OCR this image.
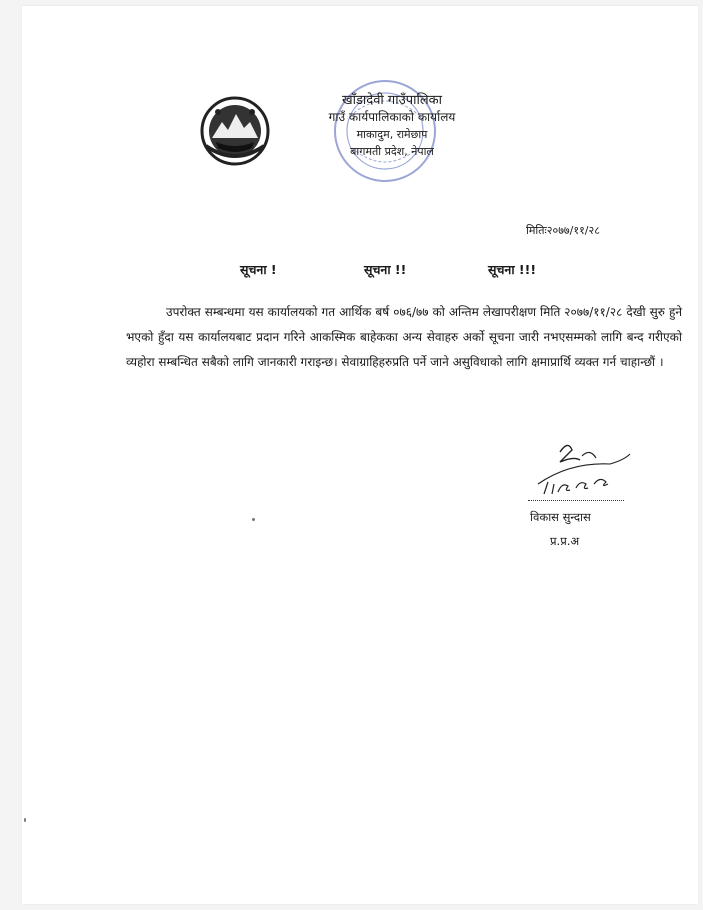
खाँडादेवी गाउँपालिका
गाउँ कार्यपालिकाको कार्यालय
माकादुम, रामेछाप
बागमती प्रदेश, नेपाल
मितिः२०७७/११/२८
सूचना !	सूचना !!	सूचना !!!
उपरोक्त सम्बन्धमा यस कार्यालयको गत आर्थिक बर्ष ०७६/७७ को अन्तिम लेखापरीक्षण मिति २०७७/११/२८ देखी सुरु हुने भएको हुँदा यस कार्यालयबाट प्रदान गरिने आकस्मिक बाहेकका अन्य सेवाहरु अर्को सूचना जारी नभएसम्मको लागि बन्द गरीएको व्यहोरा सम्बन्धित सबैको लागि जानकारी गराइन्छ। सेवाग्राहिहरुप्रति पर्ने जाने असुविधाको लागि क्षमाप्रार्थि व्यक्त गर्न चाहान्छौं ।
विकास सुन्दास
प्र.प्र.अ
